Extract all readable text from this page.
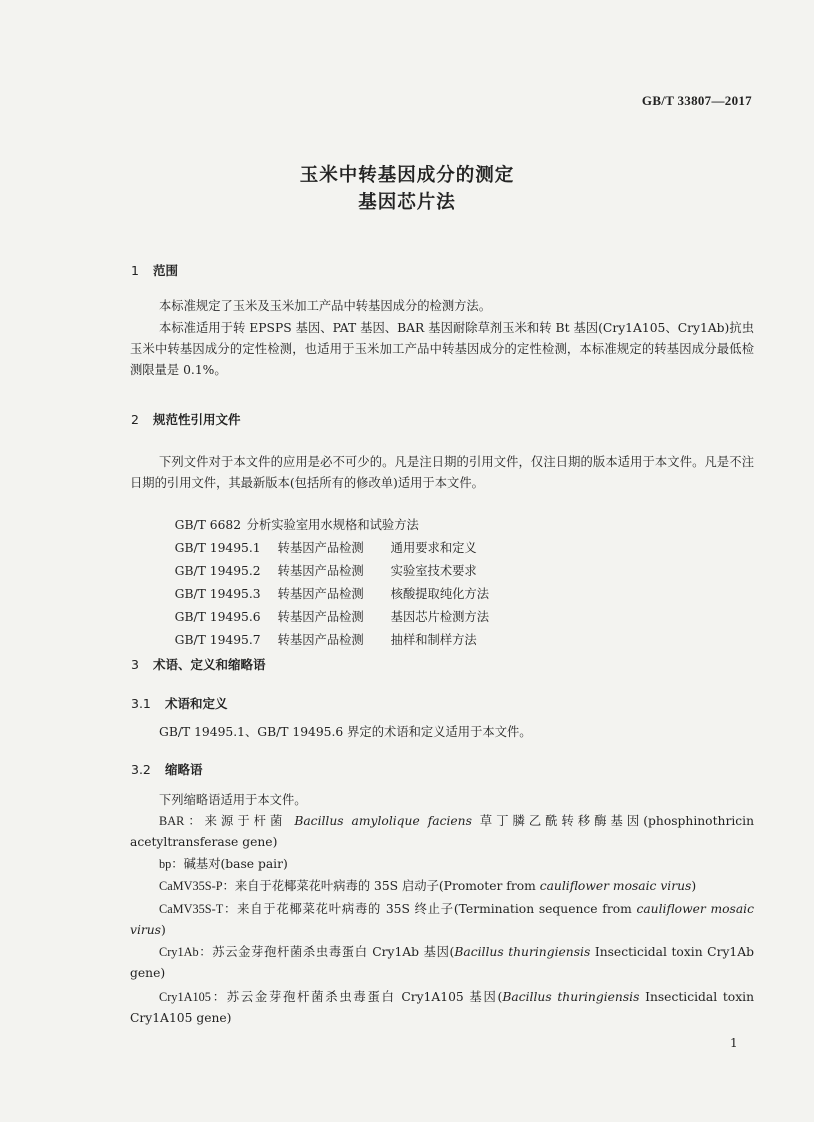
GB/T 33807—2017
玉米中转基因成分的测定
基因芯片法
1 范围
本标准规定了玉米及玉米加工产品中转基因成分的检测方法。
本标准适用于转 EPSPS 基因、PAT 基因、BAR 基因耐除草剂玉米和转 Bt 基因(Cry1A105、Cry1Ab)抗虫玉米中转基因成分的定性检测，也适用于玉米加工产品中转基因成分的定性检测，本标准规定的转基因成分最低检测限量是 0.1%。
2 规范性引用文件
下列文件对于本文件的应用是必不可少的。凡是注日期的引用文件，仅注日期的版本适用于本文件。凡是不注日期的引用文件，其最新版本(包括所有的修改单)适用于本文件。

GB/T 6682 分析实验室用水规格和试验方法

GB/T 19495.1 转基因产品检测 通用要求和定义

GB/T 19495.2 转基因产品检测 实验室技术要求

GB/T 19495.3 转基因产品检测 核酸提取纯化方法

GB/T 19495.6 转基因产品检测 基因芯片检测方法

GB/T 19495.7 转基因产品检测 抽样和制样方法

3 术语、定义和缩略语
3.1 术语和定义
GB/T 19495.1、GB/T 19495.6 界定的术语和定义适用于本文件。
3.2 缩略语
下列缩略语适用于本文件。
BAR：来源于杆菌 Bacillus amylolique faciens 草丁膦乙酰转移酶基因(phosphinothricin acetyltransferase gene)
bp：碱基对(base pair)
CaMV35S-P：来自于花椰菜花叶病毒的 35S 启动子(Promoter from cauliflower mosaic virus)
CaMV35S-T：来自于花椰菜花叶病毒的 35S 终止子(Termination sequence from cauliflower mosaic virus)
Cry1Ab：苏云金芽孢杆菌杀虫毒蛋白 Cry1Ab 基因(Bacillus thuringiensis Insecticidal toxin Cry1Ab gene)
Cry1A105：苏云金芽孢杆菌杀虫毒蛋白 Cry1A105 基因(Bacillus thuringiensis Insecticidal toxin Cry1A105 gene)
1
